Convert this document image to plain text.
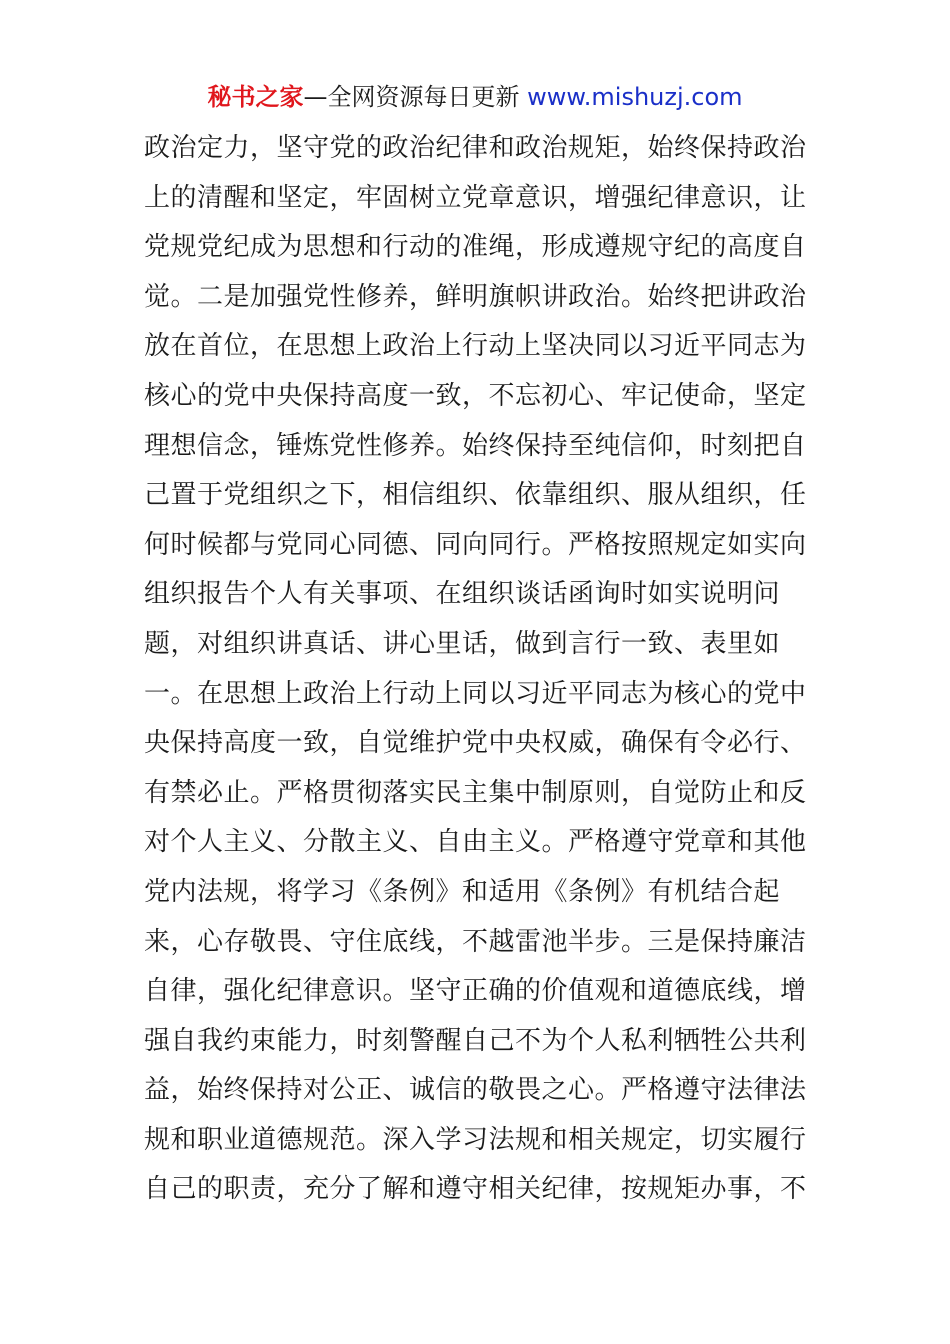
秘书之家—全网资源每日更新 www.mishuzj.com
政治定力，坚守党的政治纪律和政治规矩，始终保持政治
上的清醒和坚定，牢固树立党章意识，增强纪律意识，让
党规党纪成为思想和行动的准绳，形成遵规守纪的高度自
觉。二是加强党性修养，鲜明旗帜讲政治。始终把讲政治
放在首位，在思想上政治上行动上坚决同以习近平同志为
核心的党中央保持高度一致，不忘初心、牢记使命，坚定
理想信念，锤炼党性修养。始终保持至纯信仰，时刻把自
己置于党组织之下，相信组织、依靠组织、服从组织，任
何时候都与党同心同德、同向同行。严格按照规定如实向
组织报告个人有关事项、在组织谈话函询时如实说明问
题，对组织讲真话、讲心里话，做到言行一致、表里如
一。在思想上政治上行动上同以习近平同志为核心的党中
央保持高度一致，自觉维护党中央权威，确保有令必行、
有禁必止。严格贯彻落实民主集中制原则，自觉防止和反
对个人主义、分散主义、自由主义。严格遵守党章和其他
党内法规，将学习《条例》和适用《条例》有机结合起
来，心存敬畏、守住底线，不越雷池半步。三是保持廉洁
自律，强化纪律意识。坚守正确的价值观和道德底线，增
强自我约束能力，时刻警醒自己不为个人私利牺牲公共利
益，始终保持对公正、诚信的敬畏之心。严格遵守法律法
规和职业道德规范。深入学习法规和相关规定，切实履行
自己的职责，充分了解和遵守相关纪律，按规矩办事，不
